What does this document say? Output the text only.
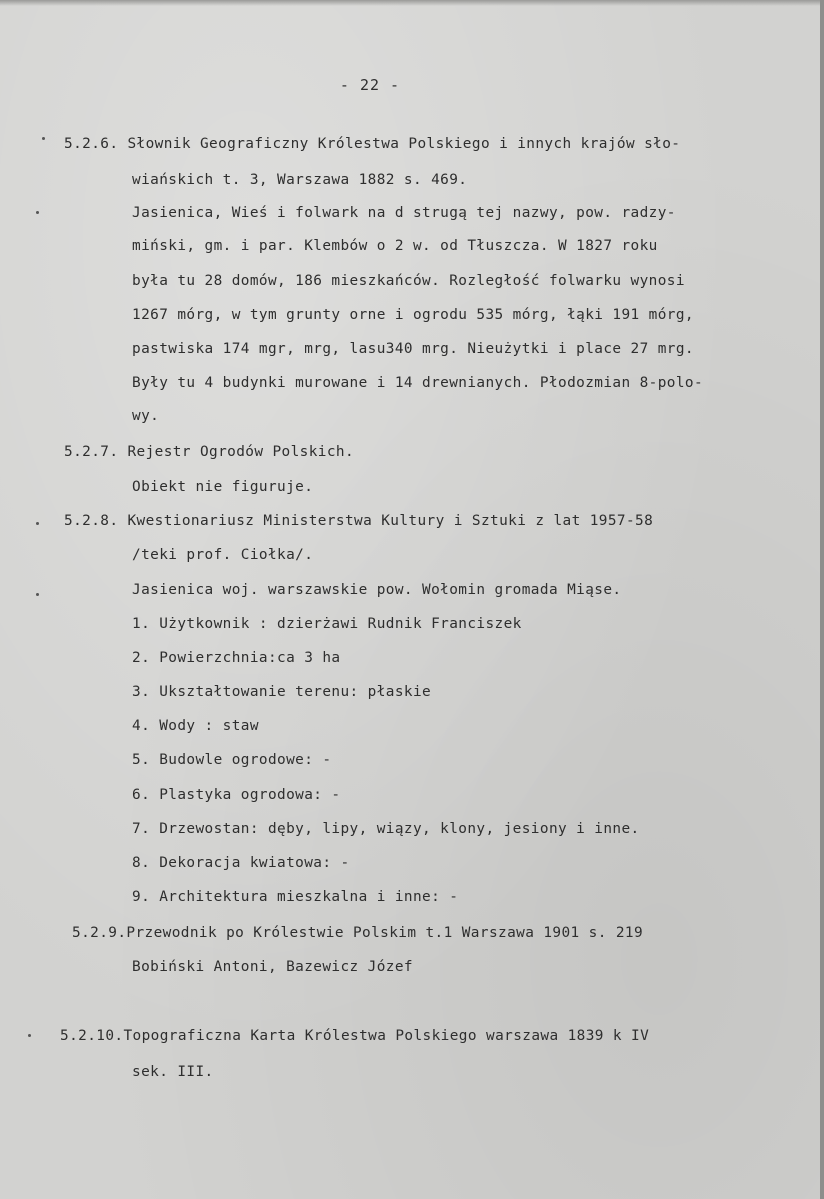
- 22 -
5.2.6. Słownik Geograficzny Królestwa Polskiego i innych krajów sło-
wiańskich t. 3, Warszawa 1882 s. 469.
Jasienica, Wieś i folwark na d strugą tej nazwy, pow. radzy-
miński, gm. i par. Klembów o 2 w. od Tłuszcza. W 1827 roku
była tu 28 domów, 186 mieszkańców. Rozległość folwarku wynosi
1267 mórg, w tym grunty orne i ogrodu 535 mórg, łąki 191 mórg,
pastwiska 174 mgr, mrg, lasu340 mrg. Nieużytki i place 27 mrg.
Były tu 4 budynki murowane i 14 drewnianych. Płodozmian 8-polo-
wy.
5.2.7. Rejestr Ogrodów Polskich.
Obiekt nie figuruje.
5.2.8. Kwestionariusz Ministerstwa Kultury i Sztuki z lat 1957-58
/teki prof. Ciołka/.
Jasienica woj. warszawskie pow. Wołomin gromada Miąse.
1. Użytkownik : dzierżawi Rudnik Franciszek
2. Powierzchnia:ca 3 ha
3. Ukształtowanie terenu: płaskie
4. Wody : staw
5. Budowle ogrodowe: -
6. Plastyka ogrodowa: -
7. Drzewostan: dęby, lipy, wiązy, klony, jesiony i inne.
8. Dekoracja kwiatowa: -
9. Architektura mieszkalna i inne: -
5.2.9.Przewodnik po Królestwie Polskim t.1 Warszawa 1901 s. 219
Bobiński Antoni, Bazewicz Józef
5.2.10.Topograficzna Karta Królestwa Polskiego warszawa 1839 k IV
sek. III.
